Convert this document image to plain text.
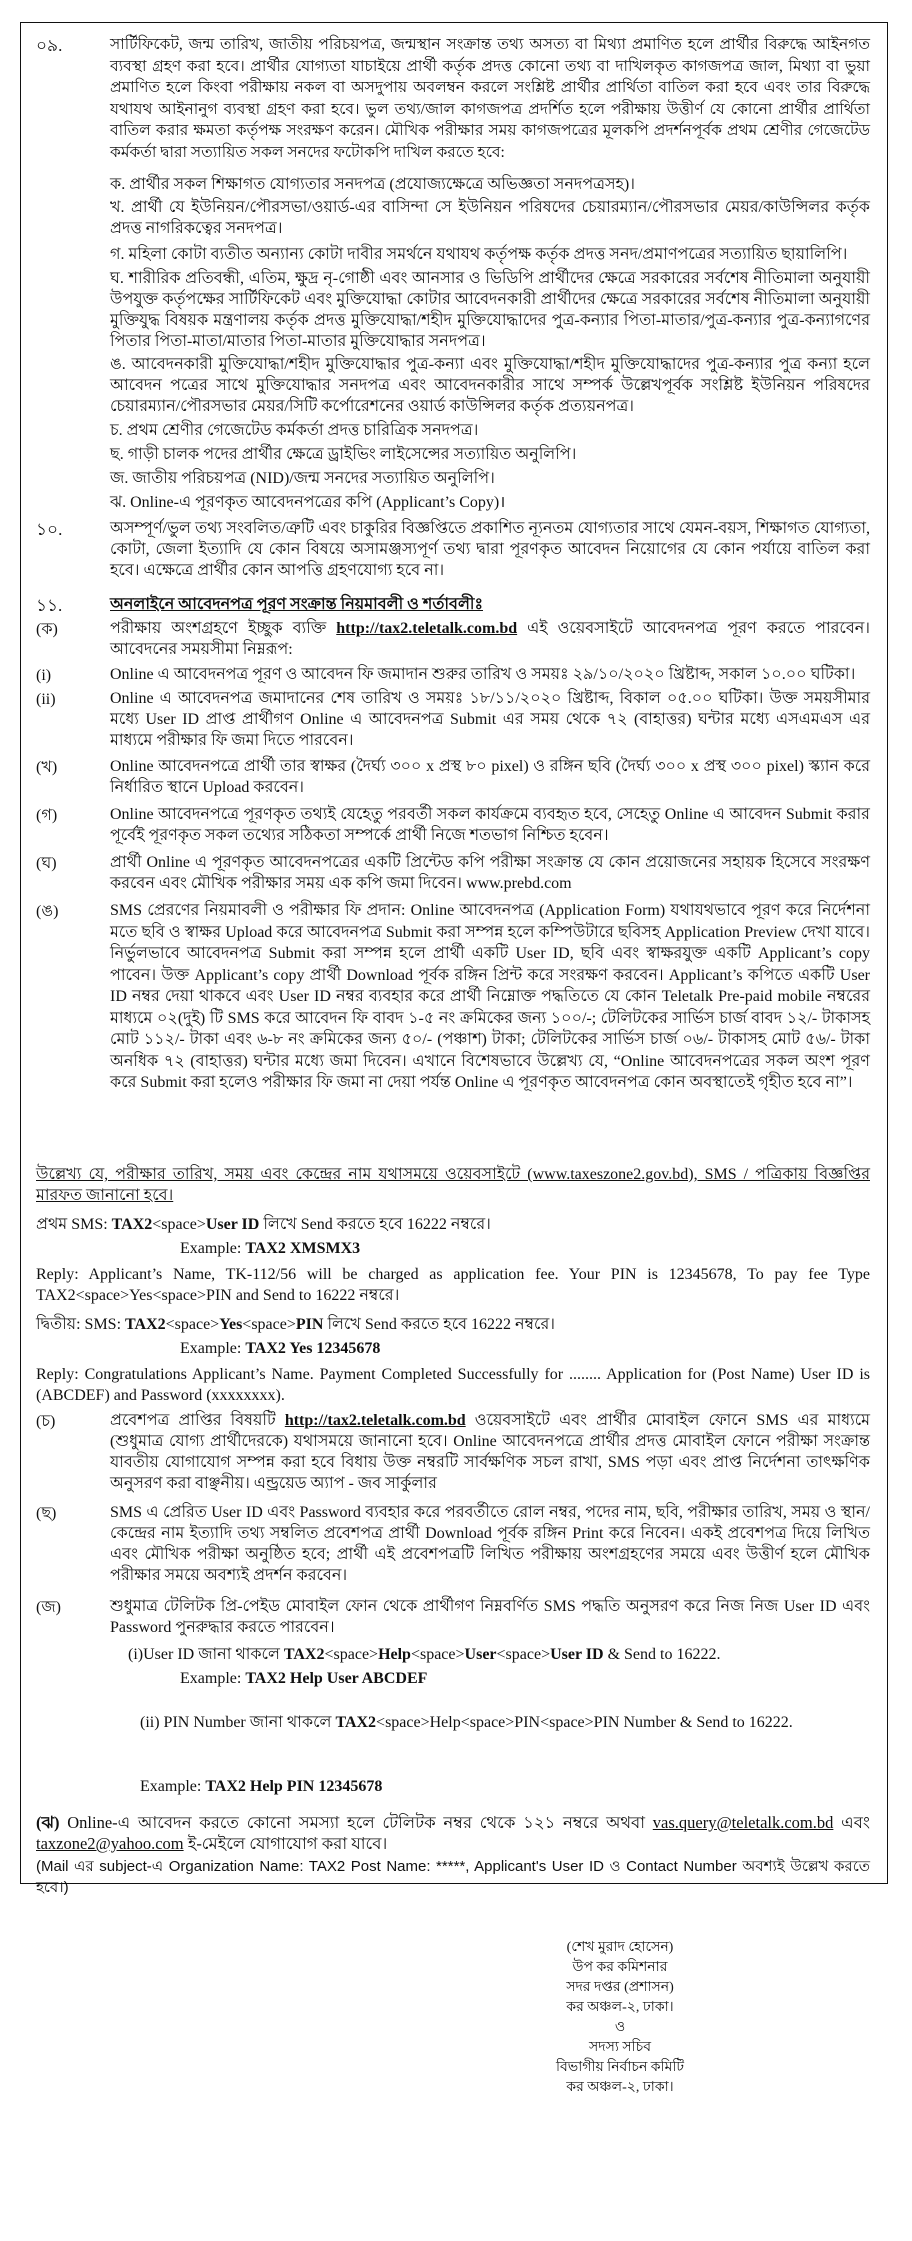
০৯.	সার্টিফিকেট, জন্ম তারিখ, জাতীয় পরিচয়পত্র, জন্মস্থান সংক্রান্ত তথ্য অসত্য বা মিথ্যা প্রমাণিত হলে প্রার্থীর বিরুদ্ধে আইনগত ব্যবস্থা গ্রহণ করা হবে। প্রার্থীর যোগ্যতা যাচাইয়ে প্রার্থী কর্তৃক প্রদত্ত কোনো তথ্য বা দাখিলকৃত কাগজপত্র জাল, মিথ্যা বা ভুয়া প্রমাণিত হলে কিংবা পরীক্ষায় নকল বা অসদুপায় অবলম্বন করলে সংশ্লিষ্ট প্রার্থীর প্রার্থিতা বাতিল করা হবে এবং তার বিরুদ্ধে যথাযথ আইনানুগ ব্যবস্থা গ্রহণ করা হবে। ভুল তথ্য/জাল কাগজপত্র প্রদর্শিত হলে পরীক্ষায় উত্তীর্ণ যে কোনো প্রার্থীর প্রার্থিতা বাতিল করার ক্ষমতা কর্তৃপক্ষ সংরক্ষণ করেন। মৌখিক পরীক্ষার সময় কাগজপত্রের মূলকপি প্রদর্শনপূর্বক প্রথম শ্রেণীর গেজেটেড কর্মকর্তা দ্বারা সত্যায়িত সকল সনদের ফটোকপি দাখিল করতে হবে:
ক. প্রার্থীর সকল শিক্ষাগত যোগ্যতার সনদপত্র (প্রযোজ্যক্ষেত্রে অভিজ্ঞতা সনদপত্রসহ)।
খ. প্রার্থী যে ইউনিয়ন/পৌরসভা/ওয়ার্ড-এর বাসিন্দা সে ইউনিয়ন পরিষদের চেয়ারম্যান/পৌরসভার মেয়র/কাউন্সিলর কর্তৃক প্রদত্ত নাগরিকত্বের সনদপত্র।
গ. মহিলা কোটা ব্যতীত অন্যান্য কোটা দাবীর সমর্থনে যথাযথ কর্তৃপক্ষ কর্তৃক প্রদত্ত সনদ/প্রমাণপত্রের সত্যায়িত ছায়ালিপি।
ঘ. শারীরিক প্রতিবন্ধী, এতিম, ক্ষুদ্র নৃ-গোষ্ঠী এবং আনসার ও ভিডিপি প্রার্থীদের ক্ষেত্রে সরকারের সর্বশেষ নীতিমালা অনুযায়ী উপযুক্ত কর্তৃপক্ষের সার্টিফিকেট এবং মুক্তিযোদ্ধা কোটার আবেদনকারী প্রার্থীদের ক্ষেত্রে সরকারের সর্বশেষ নীতিমালা অনুযায়ী মুক্তিযুদ্ধ বিষয়ক মন্ত্রণালয় কর্তৃক প্রদত্ত মুক্তিযোদ্ধা/শহীদ মুক্তিযোদ্ধাদের পুত্র-কন্যার পিতা-মাতার/পুত্র-কন্যার পুত্র-কন্যাগণের পিতার পিতা-মাতা/মাতার পিতা-মাতার মুক্তিযোদ্ধার সনদপত্র।
ঙ. আবেদনকারী মুক্তিযোদ্ধা/শহীদ মুক্তিযোদ্ধার পুত্র-কন্যা এবং মুক্তিযোদ্ধা/শহীদ মুক্তিযোদ্ধাদের পুত্র-কন্যার পুত্র কন্যা হলে আবেদন পত্রের সাথে মুক্তিযোদ্ধার সনদপত্র এবং আবেদনকারীর সাথে সম্পর্ক উল্লেখপূর্বক সংশ্লিষ্ট ইউনিয়ন পরিষদের চেয়ারম্যান/পৌরসভার মেয়র/সিটি কর্পোরেশনের ওয়ার্ড কাউন্সিলর কর্তৃক প্রত্যয়নপত্র।
চ. প্রথম শ্রেণীর গেজেটেড কর্মকর্তা প্রদত্ত চারিত্রিক সনদপত্র।
ছ. গাড়ী চালক পদের প্রার্থীর ক্ষেত্রে ড্রাইভিং লাইসেন্সের সত্যায়িত অনুলিপি।
জ. জাতীয় পরিচয়পত্র (NID)/জন্ম সনদের সত্যায়িত অনুলিপি।
ঝ. Online-এ পূরণকৃত আবেদনপত্রের কপি (Applicant’s Copy)।
১০.	অসম্পূর্ণ/ভুল তথ্য সংবলিত/ত্রুটি এবং চাকুরির বিজ্ঞপ্তিতে প্রকাশিত ন্যূনতম যোগ্যতার সাথে যেমন-বয়স, শিক্ষাগত যোগ্যতা, কোটা, জেলা ইত্যাদি যে কোন বিষয়ে অসামঞ্জস্যপূর্ণ তথ্য দ্বারা পূরণকৃত আবেদন নিয়োগের যে কোন পর্যায়ে বাতিল করা হবে। এক্ষেত্রে প্রার্থীর কোন আপত্তি গ্রহণযোগ্য হবে না।
১১.	অনলাইনে আবেদনপত্র পূরণ সংক্রান্ত নিয়মাবলী ও শর্তাবলীঃ
(ক)	পরীক্ষায় অংশগ্রহণে ইচ্ছুক ব্যক্তি http://tax2.teletalk.com.bd এই ওয়েবসাইটে আবেদনপত্র পূরণ করতে পারবেন। আবেদনের সময়সীমা নিম্নরূপ:
(i)	Online এ আবেদনপত্র পূরণ ও আবেদন ফি জমাদান শুরুর তারিখ ও সময়ঃ ২৯/১০/২০২০ খ্রিষ্টাব্দ, সকাল ১০.০০ ঘটিকা।
(ii)	Online এ আবেদনপত্র জমাদানের শেষ তারিখ ও সময়ঃ ১৮/১১/২০২০ খ্রিষ্টাব্দ, বিকাল ০৫.০০ ঘটিকা। উক্ত সময়সীমার মধ্যে User ID প্রাপ্ত প্রার্থীগণ Online এ আবেদনপত্র Submit এর সময় থেকে ৭২ (বাহাত্তর) ঘন্টার মধ্যে এসএমএস এর মাধ্যমে পরীক্ষার ফি জমা দিতে পারবেন।
(খ)	Online আবেদনপত্রে প্রার্থী তার স্বাক্ষর (দৈর্ঘ্য ৩০০ x প্রস্থ ৮০ pixel) ও রঙ্গিন ছবি (দৈর্ঘ্য ৩০০ x প্রস্থ ৩০০ pixel) স্ক্যান করে নির্ধারিত স্থানে Upload করবেন।
(গ)	Online আবেদনপত্রে পূরণকৃত তথ্যই যেহেতু পরবর্তী সকল কার্যক্রমে ব্যবহৃত হবে, সেহেতু Online এ আবেদন Submit করার পূর্বেই পূরণকৃত সকল তথ্যের সঠিকতা সম্পর্কে প্রার্থী নিজে শতভাগ নিশ্চিত হবেন।
(ঘ)	প্রার্থী Online এ পূরণকৃত আবেদনপত্রের একটি প্রিন্টেড কপি পরীক্ষা সংক্রান্ত যে কোন প্রয়োজনের সহায়ক হিসেবে সংরক্ষণ করবেন এবং মৌখিক পরীক্ষার সময় এক কপি জমা দিবেন। www.prebd.com
(ঙ)	SMS প্রেরণের নিয়মাবলী ও পরীক্ষার ফি প্রদান: Online আবেদনপত্র (Application Form) যথাযথভাবে পূরণ করে নির্দেশনা মতে ছবি ও স্বাক্ষর Upload করে আবেদনপত্র Submit করা সম্পন্ন হলে কম্পিউটারে ছবিসহ Application Preview দেখা যাবে। নির্ভুলভাবে আবেদনপত্র Submit করা সম্পন্ন হলে প্রার্থী একটি User ID, ছবি এবং স্বাক্ষরযুক্ত একটি Applicant’s copy পাবেন। উক্ত Applicant’s copy প্রার্থী Download পূর্বক রঙ্গিন প্রিন্ট করে সংরক্ষণ করবেন। Applicant’s কপিতে একটি User ID নম্বর দেয়া থাকবে এবং User ID নম্বর ব্যবহার করে প্রার্থী নিম্নোক্ত পদ্ধতিতে যে কোন Teletalk Pre-paid mobile নম্বরের মাধ্যমে ০২(দুই) টি SMS করে আবেদন ফি বাবদ ১-৫ নং ক্রমিকের জন্য ১০০/-; টেলিটকের সার্ভিস চার্জ বাবদ ১২/- টাকাসহ মোট ১১২/- টাকা এবং ৬-৮ নং ক্রমিকের জন্য ৫০/- (পঞ্চাশ) টাকা; টেলিটকের সার্ভিস চার্জ ০৬/- টাকাসহ মোট ৫৬/- টাকা অনধিক ৭২ (বাহাত্তর) ঘন্টার মধ্যে জমা দিবেন। এখানে বিশেষভাবে উল্লেখ্য যে, “Online আবেদনপত্রের সকল অংশ পূরণ করে Submit করা হলেও পরীক্ষার ফি জমা না দেয়া পর্যন্ত Online এ পূরণকৃত আবেদনপত্র কোন অবস্থাতেই গৃহীত হবে না”।
উল্লেখ্য যে, পরীক্ষার তারিখ, সময় এবং কেন্দ্রের নাম যথাসময়ে ওয়েবসাইটে (www.taxeszone2.gov.bd), SMS / পত্রিকায় বিজ্ঞপ্তির মারফত জানানো হবে।
প্রথম SMS: TAX2<space>User ID লিখে Send করতে হবে 16222 নম্বরে।
Example: TAX2 XMSMX3
Reply: Applicant’s Name, TK-112/56 will be charged as application fee. Your PIN is 12345678, To pay fee Type TAX2<space>Yes<space>PIN and Send to 16222 নম্বরে।
দ্বিতীয়: SMS: TAX2<space>Yes<space>PIN লিখে Send করতে হবে 16222 নম্বরে।
Example: TAX2 Yes 12345678
Reply: Congratulations Applicant’s Name. Payment Completed Successfully for ........ Application for (Post Name) User ID is (ABCDEF) and Password (xxxxxxxx).
(চ)	প্রবেশপত্র প্রাপ্তির বিষয়টি http://tax2.teletalk.com.bd ওয়েবসাইটে এবং প্রার্থীর মোবাইল ফোনে SMS এর মাধ্যমে (শুধুমাত্র যোগ্য প্রার্থীদেরকে) যথাসময়ে জানানো হবে। Online আবেদনপত্রে প্রার্থীর প্রদত্ত মোবাইল ফোনে পরীক্ষা সংক্রান্ত যাবতীয় যোগাযোগ সম্পন্ন করা হবে বিধায় উক্ত নম্বরটি সার্বক্ষণিক সচল রাখা, SMS পড়া এবং প্রাপ্ত নির্দেশনা তাৎক্ষণিক অনুসরণ করা বাঞ্ছনীয়। এন্ড্রয়েড অ্যাপ - জব সার্কুলার
(ছ)	SMS এ প্রেরিত User ID এবং Password ব্যবহার করে পরবর্তীতে রোল নম্বর, পদের নাম, ছবি, পরীক্ষার তারিখ, সময় ও স্থান/কেন্দ্রের নাম ইত্যাদি তথ্য সম্বলিত প্রবেশপত্র প্রার্থী Download পূর্বক রঙ্গিন Print করে নিবেন। একই প্রবেশপত্র দিয়ে লিখিত এবং মৌখিক পরীক্ষা অনুষ্ঠিত হবে; প্রার্থী এই প্রবেশপত্রটি লিখিত পরীক্ষায় অংশগ্রহণের সময়ে এবং উত্তীর্ণ হলে মৌখিক পরীক্ষার সময়ে অবশ্যই প্রদর্শন করবেন।
(জ)	শুধুমাত্র টেলিটক প্রি-পেইড মোবাইল ফোন থেকে প্রার্থীগণ নিম্নবর্ণিত SMS পদ্ধতি অনুসরণ করে নিজ নিজ User ID এবং Password পুনরুদ্ধার করতে পারবেন।
(i)User ID জানা থাকলে TAX2<space>Help<space>User<space>User ID & Send to 16222.
Example: TAX2 Help User ABCDEF
(ii) PIN Number জানা থাকলে TAX2<space>Help<space>PIN<space>PIN Number & Send to 16222.
Example: TAX2 Help PIN 12345678
(ঝ) Online-এ আবেদন করতে কোনো সমস্যা হলে টেলিটক নম্বর থেকে ১২১ নম্বরে অথবা vas.query@teletalk.com.bd এবং taxzone2@yahoo.com ই-মেইলে যোগাযোগ করা যাবে।
(Mail এর subject-এ Organization Name: TAX2 Post Name: *****, Applicant's User ID ও Contact Number অবশ্যই উল্লেখ করতে হবে।)
(শেখ মুরাদ হোসেন)
উপ কর কমিশনার
সদর দপ্তর (প্রশাসন)
কর অঞ্চল-২, ঢাকা।
ও
সদস্য সচিব
বিভাগীয় নির্বাচন কমিটি
কর অঞ্চল-২, ঢাকা।
